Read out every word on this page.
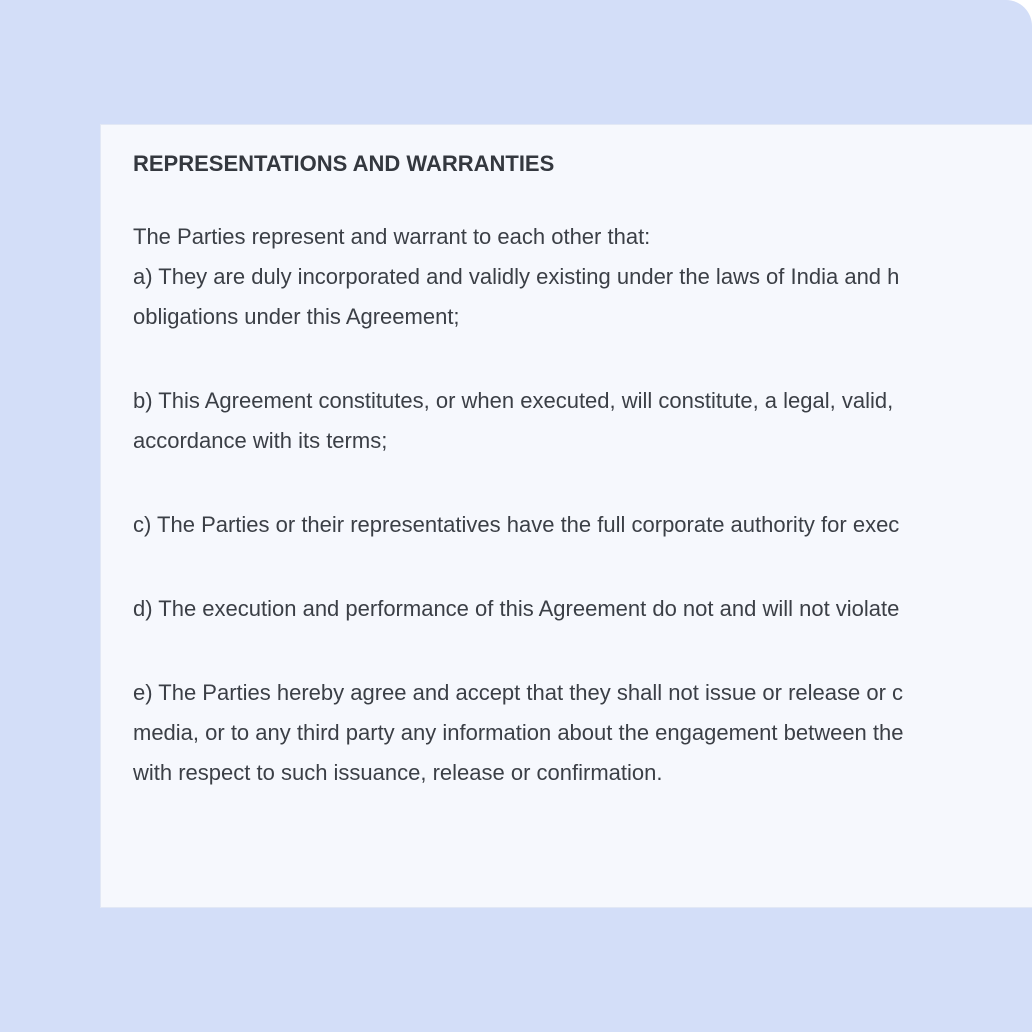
REPRESENTATIONS AND WARRANTIES
The Parties represent and warrant to each other that:
a) They are duly incorporated and validly existing under the laws of India and h
obligations under this Agreement;
b) This Agreement constitutes, or when executed, will constitute, a legal, valid,
accordance with its terms;
c) The Parties or their representatives have the full corporate authority for exec
d) The execution and performance of this Agreement do not and will not violate
e) The Parties hereby agree and accept that they shall not issue or release or c
media, or to any third party any information about the engagement between the
with respect to such issuance, release or confirmation.
